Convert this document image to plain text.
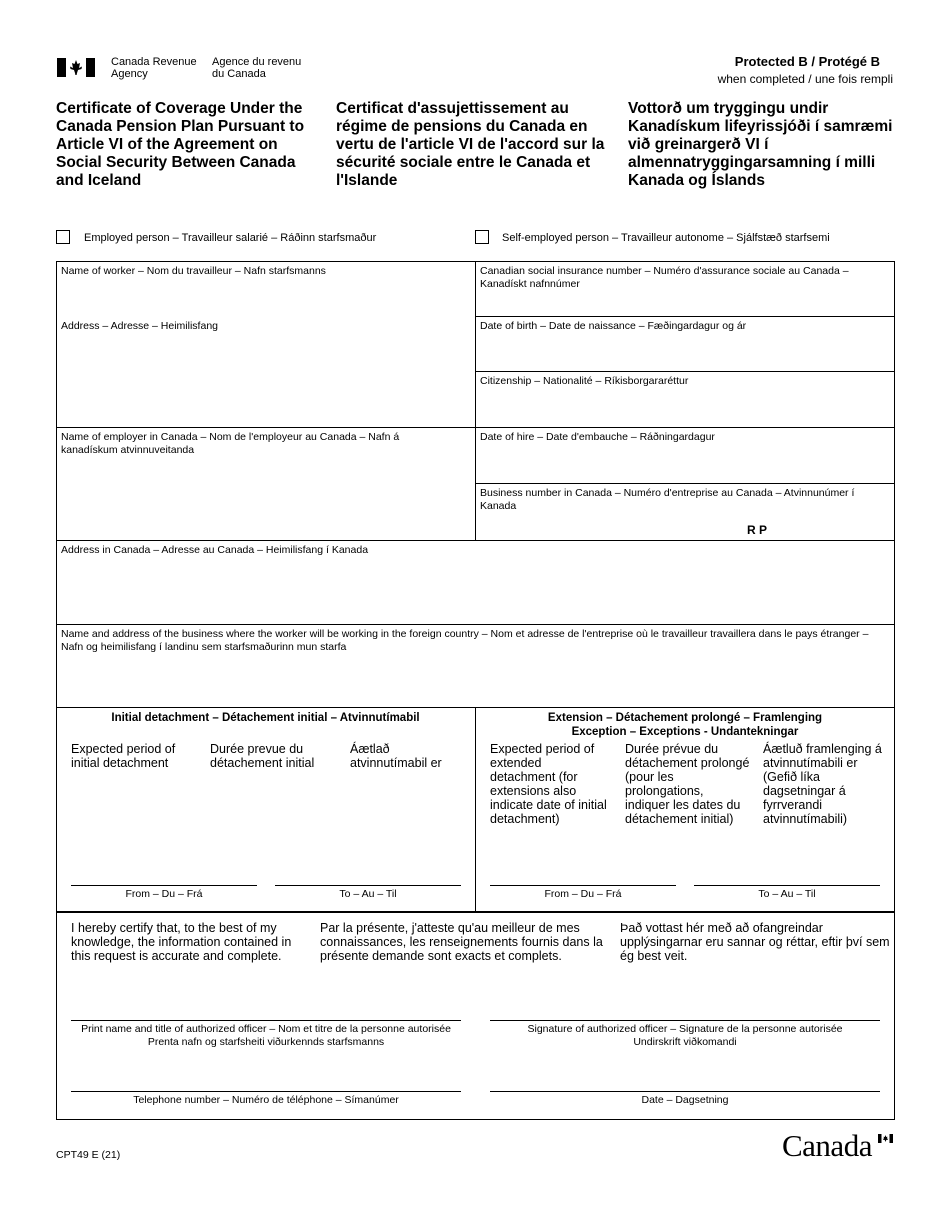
Canada Revenue
Agency
Agence du revenu
du Canada
Protected B / Protégé B
when completed / une fois rempli
Certificate of Coverage Under the Canada Pension Plan Pursuant to Article VI of the Agreement on Social Security Between Canada and Iceland
Certificat d'assujettissement au régime de pensions du Canada en vertu de l'article VI de l'accord sur la sécurité sociale entre le Canada et l'Islande
Vottorð um tryggingu undir Kanadískum lifeyrissjóði í samræmi við greinargerð VI í almennatryggingarsamning í milli Kanada og Íslands
Employed person – Travailleur salarié – Ráðinn starfsmaður	Self-employed person – Travailleur autonome – Sjálfstæð starfsemi
Name of worker – Nom du travailleur – Nafn starfsmanns	Canadian social insurance number – Numéro d'assurance sociale au Canada – Kanadískt nafnnúmer
Address – Adresse – Heimilisfang	Date of birth – Date de naissance – Fæðingardagur og ár
Citizenship – Nationalité – Ríkisborgararéttur
Name of employer in Canada – Nom de l'employeur au Canada – Nafn á kanadískum atvinnuveitanda
Date of hire – Date d'embauche – Ráðningardagur
Business number in Canada – Numéro d'entreprise au Canada – Atvinnunúmer í Kanada
R P
Address in Canada – Adresse au Canada – Heimilisfang í Kanada
Name and address of the business where the worker will be working in the foreign country – Nom et adresse de l'entreprise où le travailleur travaillera dans le pays étranger – Nafn og heimilisfang í landinu sem starfsmaðurinn mun starfa
Initial detachment – Détachement initial – Atvinnutímabil
Expected period of initial detachment
Durée prevue du détachement initial
Áætlað atvinnutímabil er
From – Du – Frá	To – Au – Til
Extension – Détachement prolongé – Framlenging
Exception – Exceptions - Undantekningar
Expected period of extended detachment (for extensions also indicate date of initial detachment)
Durée prévue du détachement prolongé (pour les prolongations, indiquer les dates du détachement initial)
Áætluð framlenging á atvinnutímabili er (Gefið líka dagsetningar á fyrrverandi atvinnutímabili)
From – Du – Frá	To – Au – Til
I hereby certify that, to the best of my knowledge, the information contained in this request is accurate and complete.
Par la présente, j'atteste qu'au meilleur de mes connaissances, les renseignements fournis dans la présente demande sont exacts et complets.
Það vottast hér með að ofangreindar upplýsingarnar eru sannar og réttar, eftir því sem ég best veit.
Print name and title of authorized officer – Nom et titre de la personne autorisée
Prenta nafn og starfsheiti viðurkennds starfsmanns
Signature of authorized officer – Signature de la personne autorisée
Undirskrift viðkomandi
Telephone number – Numéro de téléphone – Símanúmer	Date – Dagsetning
CPT49 E (21)	Canada
